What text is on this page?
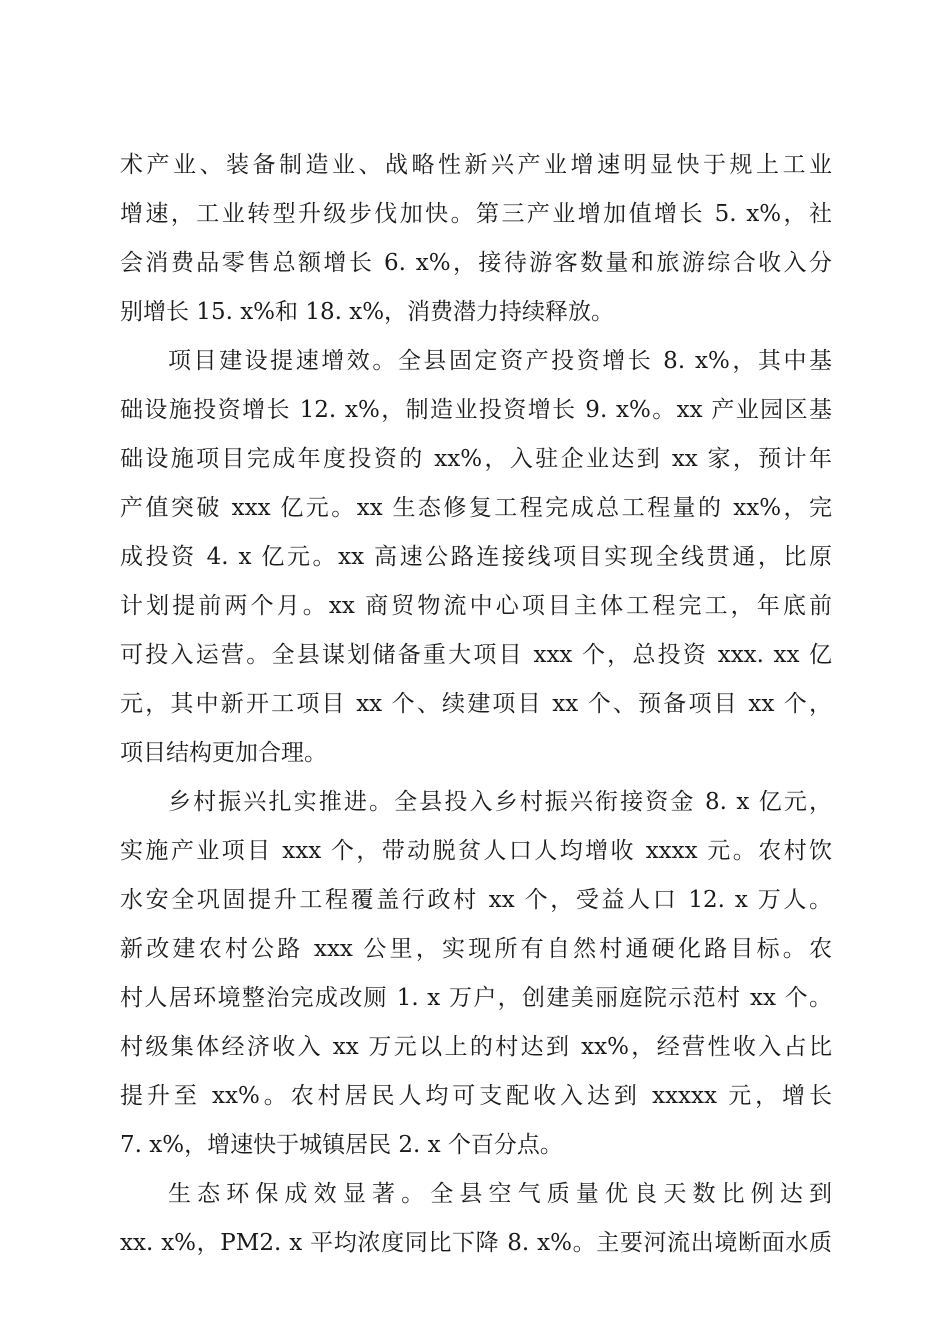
术产业、装备制造业、战略性新兴产业增速明显快于规上工业
增速，工业转型升级步伐加快。第三产业增加值增长 5. x%，社
会消费品零售总额增长 6. x%，接待游客数量和旅游综合收入分
别增长 15. x%和 18. x%，消费潜力持续释放。
项目建设提速增效。全县固定资产投资增长 8. x%，其中基
础设施投资增长 12. x%，制造业投资增长 9. x%。xx 产业园区基
础设施项目完成年度投资的 xx%，入驻企业达到 xx 家，预计年
产值突破 xxx 亿元。xx 生态修复工程完成总工程量的 xx%，完
成投资 4. x 亿元。xx 高速公路连接线项目实现全线贯通，比原
计划提前两个月。xx 商贸物流中心项目主体工程完工，年底前
可投入运营。全县谋划储备重大项目 xxx 个，总投资 xxx. xx 亿
元，其中新开工项目 xx 个、续建项目 xx 个、预备项目 xx 个，
项目结构更加合理。
乡村振兴扎实推进。全县投入乡村振兴衔接资金 8. x 亿元，
实施产业项目 xxx 个，带动脱贫人口人均增收 xxxx 元。农村饮
水安全巩固提升工程覆盖行政村 xx 个，受益人口 12. x 万人。
新改建农村公路 xxx 公里，实现所有自然村通硬化路目标。农
村人居环境整治完成改厕 1. x 万户，创建美丽庭院示范村 xx 个。
村级集体经济收入 xx 万元以上的村达到 xx%，经营性收入占比
提升至 xx%。农村居民人均可支配收入达到 xxxxx 元，增长
7. x%，增速快于城镇居民 2. x 个百分点。
生态环保成效显著。全县空气质量优良天数比例达到
xx. x%，PM2. x 平均浓度同比下降 8. x%。主要河流出境断面水质
